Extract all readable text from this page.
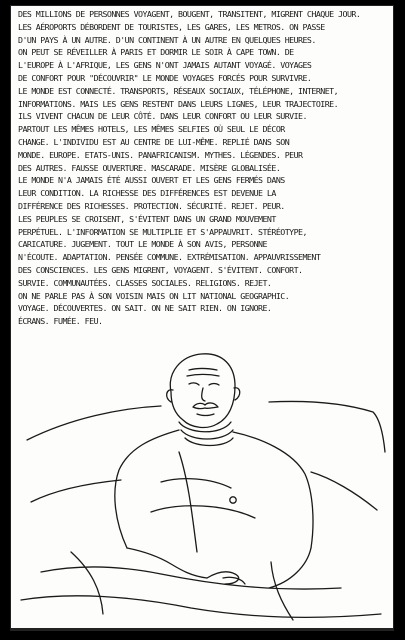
DES MILLIONS DE PERSONNES VOYAGENT, BOUGENT, TRANSITENT, MIGRENT CHAQUE JOUR.
LES AÉROPORTS DÉBORDENT DE TOURISTES, LES GARES, LES METROS. ON PASSE
D'UN PAYS À UN AUTRE. D'UN CONTINENT À UN AUTRE EN QUELQUES HEURES.
ON PEUT SE RÉVEILLER À PARIS ET DORMIR LE SOIR À CAPE TOWN. DE
L'EUROPE À L'AFRIQUE, LES GENS N'ONT JAMAIS AUTANT VOYAGÉ. VOYAGES
DE CONFORT POUR "DÉCOUVRIR" LE MONDE VOYAGES FORCÉS POUR SURVIVRE.
LE MONDE EST CONNECTÉ. TRANSPORTS, RÉSEAUX SOCIAUX, TÉLÉPHONE, INTERNET,
INFORMATIONS. MAIS LES GENS RESTENT DANS LEURS LIGNES, LEUR TRAJECTOIRE.
ILS VIVENT CHACUN DE LEUR CÔTÉ. DANS LEUR CONFORT OU LEUR SURVIE.
PARTOUT LES MÊMES HOTELS, LES MÊMES SELFIES OÙ SEUL LE DÉCOR
CHANGE. L'INDIVIDU EST AU CENTRE DE LUI-MÊME. REPLIÉ DANS SON
MONDE. EUROPE. ETATS-UNIS. PANAFRICANISM. MYTHES. LÉGENDES. PEUR
DES AUTRES. FAUSSE OUVERTURE. MASCARADE. MISÈRE GLOBALISÉE.
LE MONDE N'A JAMAIS ÉTÉ AUSSI OUVERT ET LES GENS FERMÉS DANS
LEUR CONDITION. LA RICHESSE DES DIFFÉRENCES EST DEVENUE LA
DIFFÉRENCE DES RICHESSES. PROTECTION. SÉCURITÉ. REJET. PEUR.
LES PEUPLES SE CROISENT, S'ÉVITENT DANS UN GRAND MOUVEMENT
PERPÉTUEL. L'INFORMATION SE MULTIPLIE ET S'APPAUVRIT. STÉRÉOTYPE,
CARICATURE. JUGEMENT. TOUT LE MONDE À SON AVIS, PERSONNE
N'ÉCOUTE. ADAPTATION. PENSÉE COMMUNE. EXTRÉMISATION. APPAUVRISSEMENT
DES CONSCIENCES. LES GENS MIGRENT, VOYAGENT. S'ÉVITENT. CONFORT.
SURVIE. COMMUNAUTÉES. CLASSES SOCIALES. RELIGIONS. REJET.
ON NE PARLE PAS À SON VOISIN MAIS ON LIT NATIONAL GEOGRAPHIC.
VOYAGE. DÉCOUVERTES. ON SAIT. ON NE SAIT RIEN. ON IGNORE.
ÉCRANS. FUMÉE. FEU.
